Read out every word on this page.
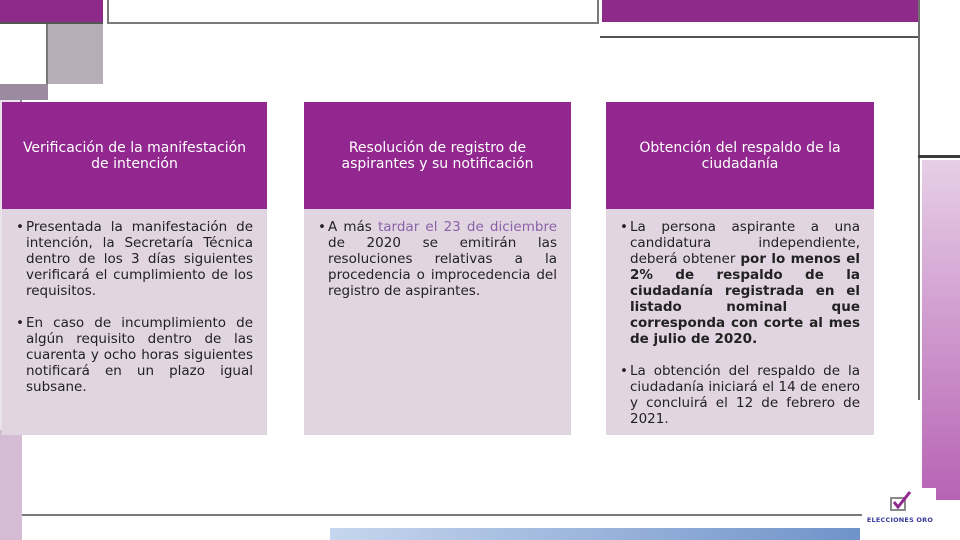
Verificación de la manifestación de intención
• Presentada la manifestación de intención, la Secretaría Técnica dentro de los 3 días siguientes verificará el cumplimiento de los requisitos.
• En caso de incumplimiento de algún requisito dentro de las cuarenta y ocho horas siguientes notificará en un plazo igual subsane.
Resolución de registro de aspirantes y su notificación
• A más tardar el 23 de diciembre de 2020 se emitirán las resoluciones relativas a la procedencia o improcedencia del registro de aspirantes.
Obtención del respaldo de la ciudadanía
• La persona aspirante a una candidatura independiente, deberá obtener por lo menos el 2% de respaldo de la ciudadanía registrada en el listado nominal que corresponda con corte al mes de julio de 2020.
• La obtención del respaldo de la ciudadanía iniciará el 14 de enero y concluirá el 12 de febrero de 2021.
ELECCIONES ORO
